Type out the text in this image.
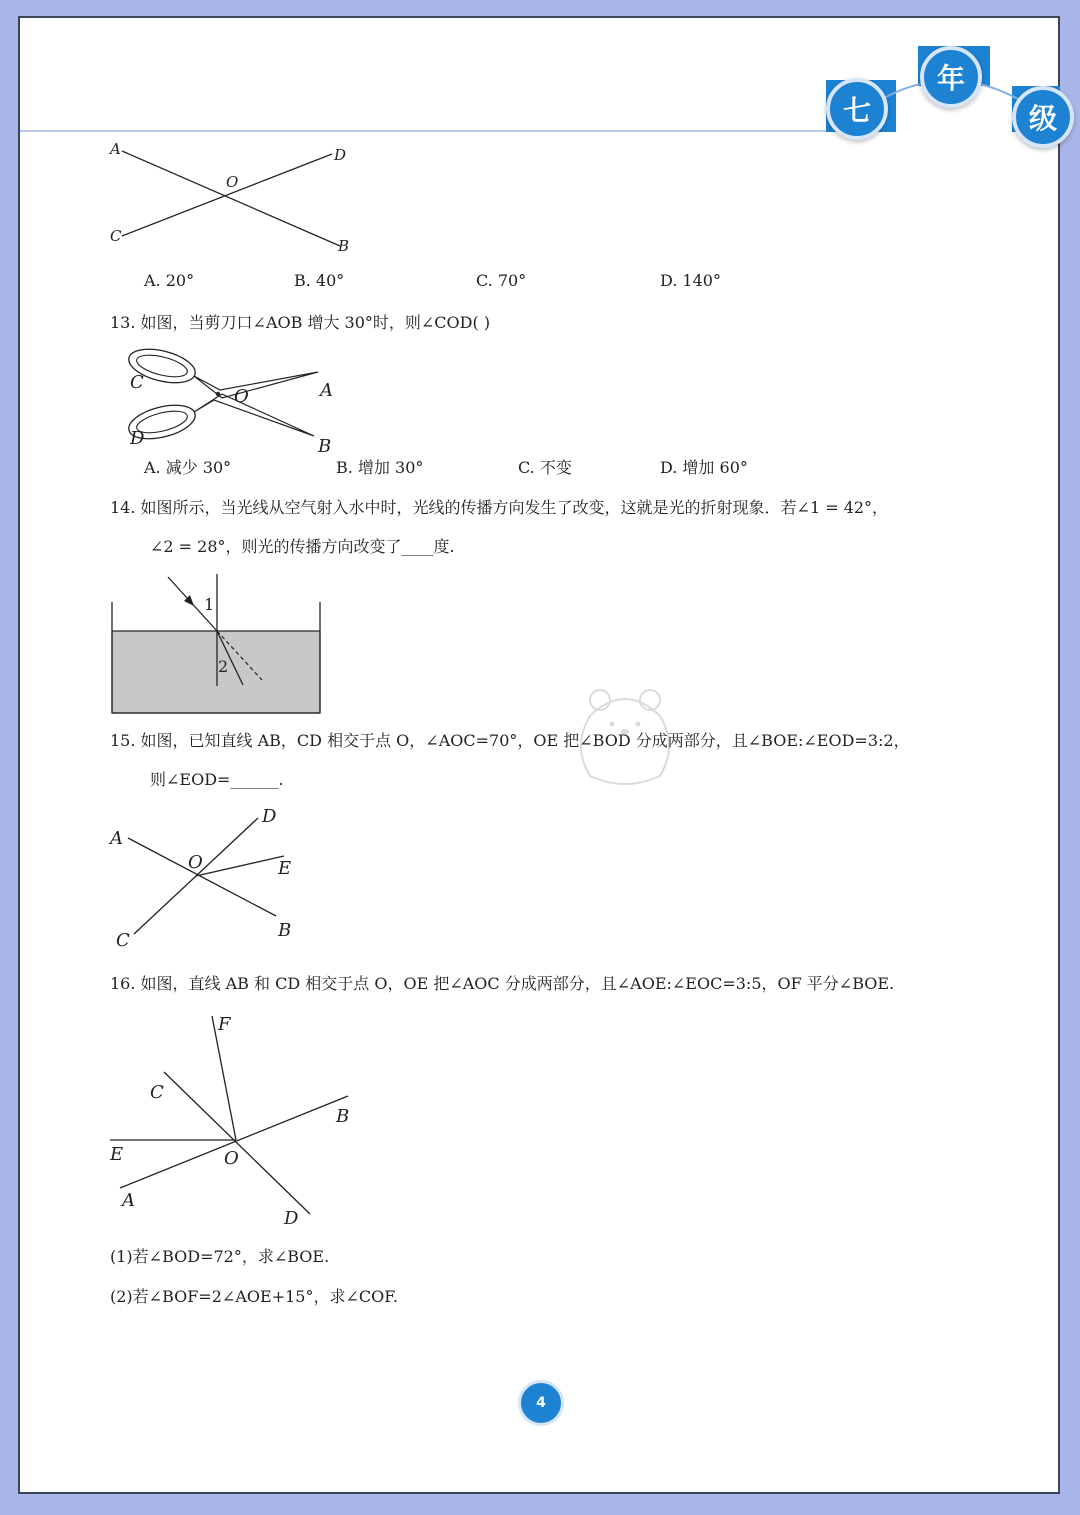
七
年
级
A	D
O
C
B
A. 20°	B. 40°	C. 70°	D. 140°
13. 如图，当剪刀口∠AOB 增大 30°时，则∠COD( )
C
O	A
D	B
A. 减少 30°	B. 增加 30°	C. 不变	D. 增加 60°
14. 如图所示，当光线从空气射入水中时，光线的传播方向发生了改变，这就是光的折射现象．若∠1 = 42°，
∠2 = 28°，则光的传播方向改变了____度.
1
2
15. 如图，已知直线 AB，CD 相交于点 O，∠AOC=70°，OE 把∠BOD 分成两部分，且∠BOE:∠EOD=3:2，
则∠EOD=______.
A
D
O	E
B
C
16. 如图，直线 AB 和 CD 相交于点 O，OE 把∠AOC 分成两部分，且∠AOE:∠EOC=3:5，OF 平分∠BOE.
F
C
B
E	O
A
D
(1)若∠BOD=72°，求∠BOE.
(2)若∠BOF=2∠AOE+15°，求∠COF.
4
